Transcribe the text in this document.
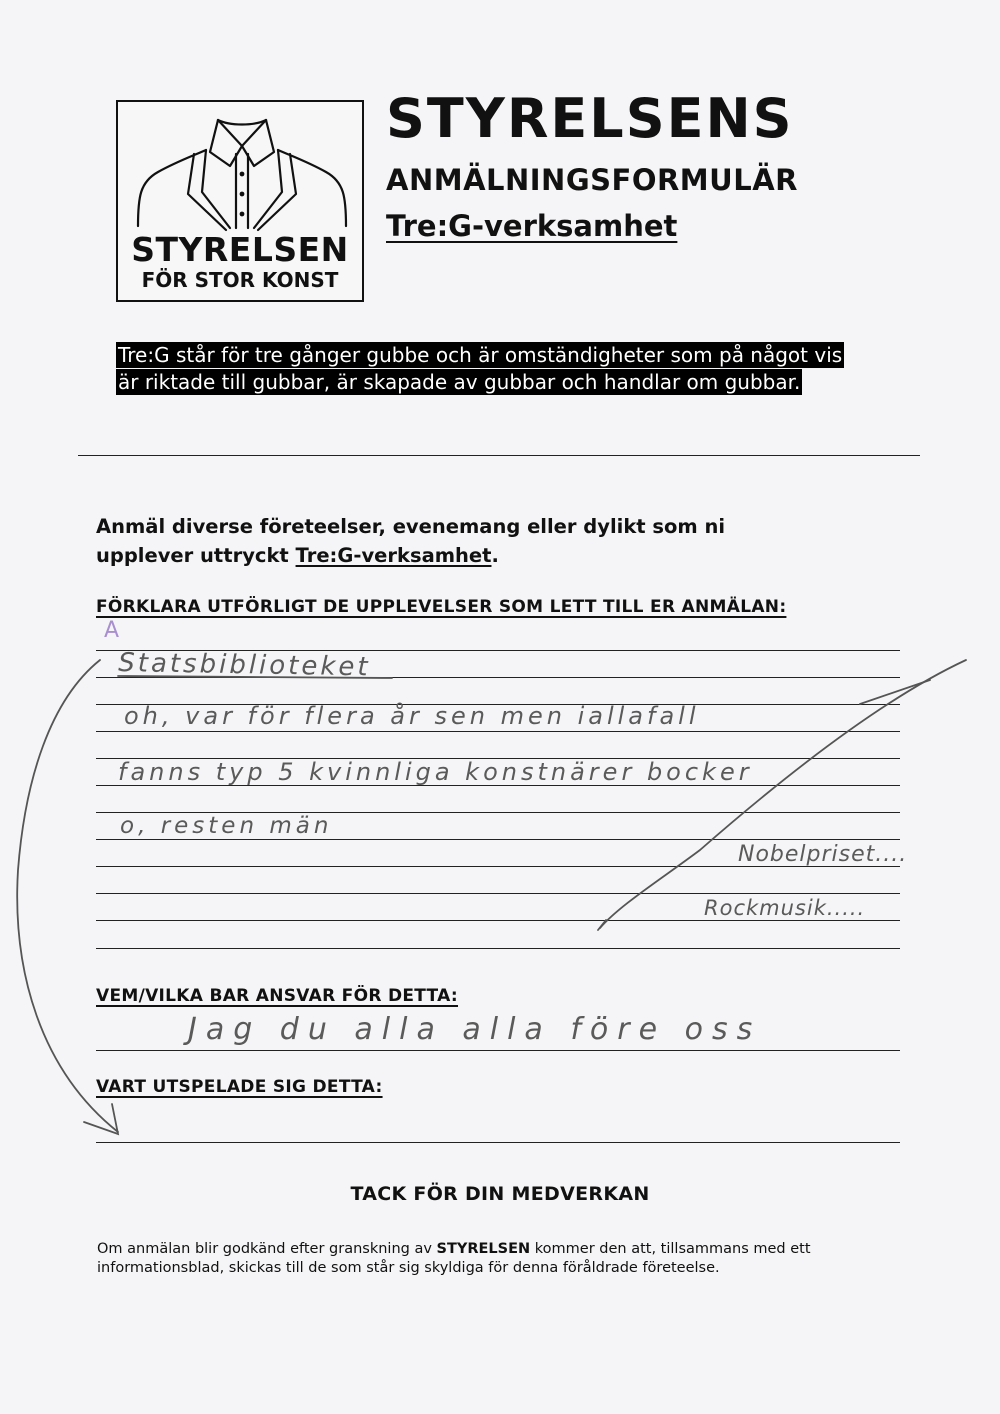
STYRELSEN
FÖR STOR KONST
STYRELSENS
ANMÄLNINGSFORMULÄR
Tre:G-verksamhet
Tre:G står för tre gånger gubbe och är omständigheter som på något vis är riktade till gubbar, är skapade av gubbar och handlar om gubbar.
Anmäl diverse företeelser, evenemang eller dylikt som ni upplever uttryckt Tre:G-verksamhet.
FÖRKLARA UTFÖRLIGT DE UPPLEVELSER SOM LETT TILL ER ANMÄLAN:
A
Statsbiblioteket
oh, var för flera år sen men iallafall
fanns typ 5 kvinnliga konstnärer bocker
o, resten män
Nobelpriset....
Rockmusik.....
VEM/VILKA BAR ANSVAR FÖR DETTA:
Jag du alla alla före oss
VART UTSPELADE SIG DETTA:
TACK FÖR DIN MEDVERKAN
Om anmälan blir godkänd efter granskning av STYRELSEN kommer den att, tillsammans med ett informationsblad, skickas till de som står sig skyldiga för denna föråldrade företeelse.
